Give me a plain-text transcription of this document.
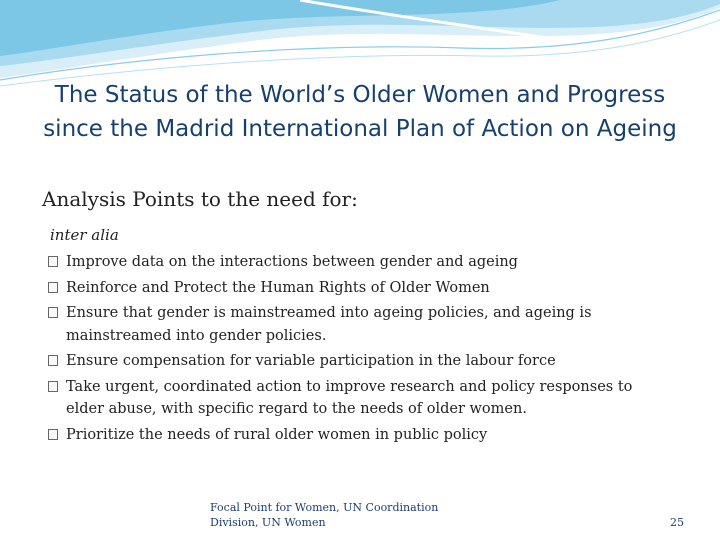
The Status of the World’s Older Women and Progress
since the Madrid International Plan of Action on Ageing
Analysis Points to the need for:
inter alia
Improve data on the interactions between gender and ageing
Reinforce and Protect the Human Rights of Older Women
Ensure that gender is mainstreamed into ageing policies, and ageing is
mainstreamed into gender policies.
Ensure compensation for variable participation in the labour force
Take urgent, coordinated action to improve research and policy responses to
elder abuse, with specific regard to the needs of older women.
Prioritize the needs of rural older women in public policy
Focal Point for Women, UN Coordination
Division, UN Women	25
